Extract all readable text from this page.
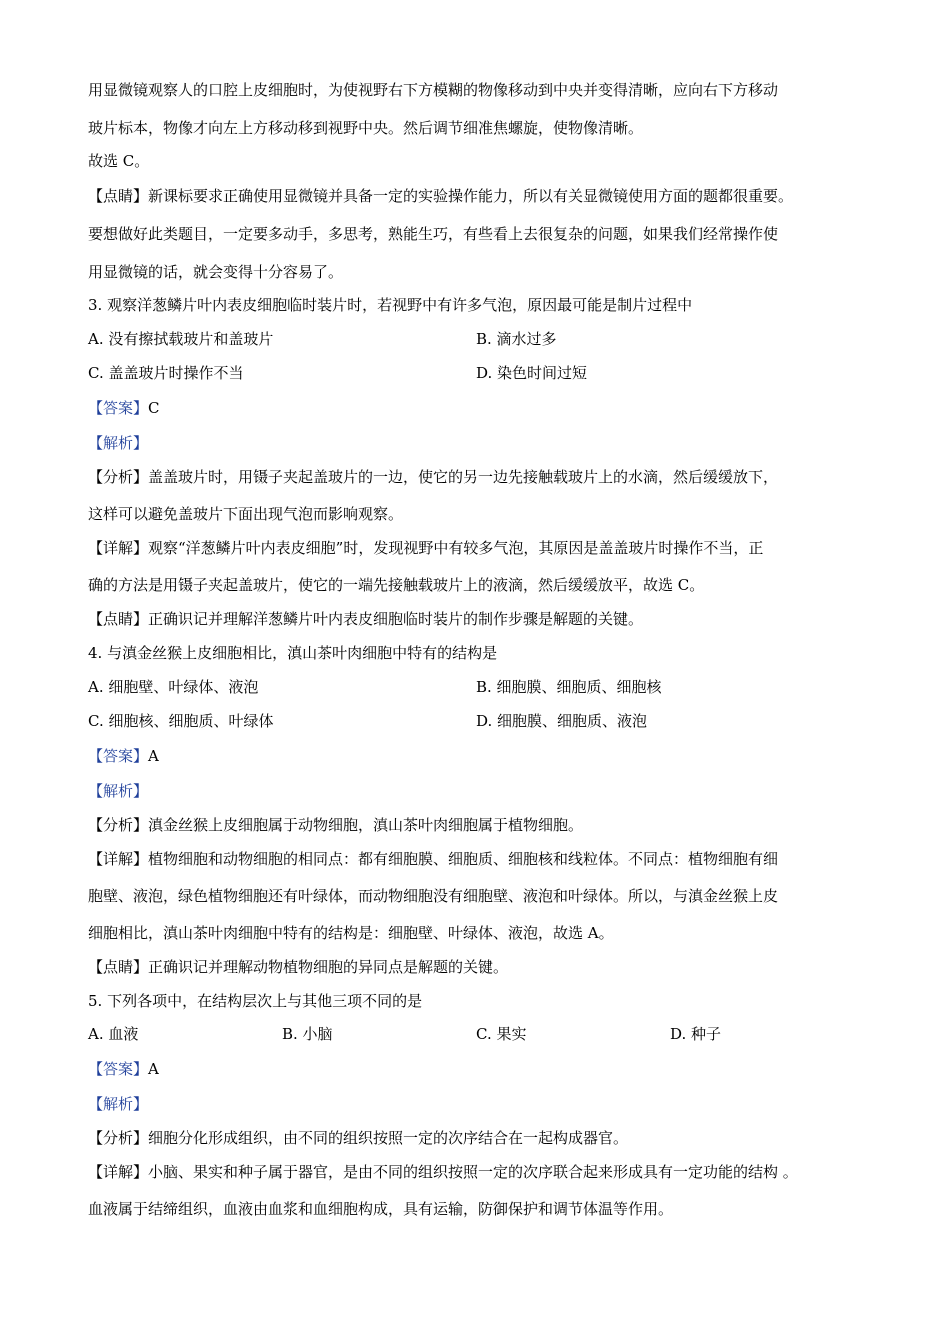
用显微镜观察人的口腔上皮细胞时，为使视野右下方模糊的物像移动到中央并变得清晰，应向右下方移动
玻片标本，物像才向左上方移动移到视野中央。然后调节细准焦螺旋，使物像清晰。
故选 C。
【点睛】新课标要求正确使用显微镜并具备一定的实验操作能力，所以有关显微镜使用方面的题都很重要。
要想做好此类题目，一定要多动手，多思考，熟能生巧，有些看上去很复杂的问题，如果我们经常操作使
用显微镜的话，就会变得十分容易了。
3. 观察洋葱鳞片叶内表皮细胞临时装片时，若视野中有许多气泡，原因最可能是制片过程中
A. 没有擦拭载玻片和盖玻片	B. 滴水过多
C. 盖盖玻片时操作不当	D. 染色时间过短
【答案】C
【解析】
【分析】盖盖玻片时，用镊子夹起盖玻片的一边，使它的另一边先接触载玻片上的水滴，然后缓缓放下，
这样可以避免盖玻片下面出现气泡而影响观察。
【详解】观察“洋葱鳞片叶内表皮细胞”时，发现视野中有较多气泡，其原因是盖盖玻片时操作不当，正
确的方法是用镊子夹起盖玻片，使它的一端先接触载玻片上的液滴，然后缓缓放平，故选 C。
【点睛】正确识记并理解洋葱鳞片叶内表皮细胞临时装片的制作步骤是解题的关键。
4. 与滇金丝猴上皮细胞相比，滇山茶叶肉细胞中特有的结构是
A. 细胞壁、叶绿体、液泡	B. 细胞膜、细胞质、细胞核
C. 细胞核、细胞质、叶绿体	D. 细胞膜、细胞质、液泡
【答案】A
【解析】
【分析】滇金丝猴上皮细胞属于动物细胞，滇山茶叶肉细胞属于植物细胞。
【详解】植物细胞和动物细胞的相同点：都有细胞膜、细胞质、细胞核和线粒体。不同点：植物细胞有细
胞壁、液泡，绿色植物细胞还有叶绿体，而动物细胞没有细胞壁、液泡和叶绿体。所以，与滇金丝猴上皮
细胞相比，滇山茶叶肉细胞中特有的结构是：细胞壁、叶绿体、液泡，故选 A。
【点睛】正确识记并理解动物植物细胞的异同点是解题的关键。
5. 下列各项中，在结构层次上与其他三项不同的是
A. 血液	B. 小脑	C. 果实	D. 种子
【答案】A
【解析】
【分析】细胞分化形成组织，由不同的组织按照一定的次序结合在一起构成器官。
【详解】小脑、果实和种子属于器官，是由不同的组织按照一定的次序联合起来形成具有一定功能的结构 。
血液属于结缔组织，血液由血浆和血细胞构成，具有运输，防御保护和调节体温等作用。
